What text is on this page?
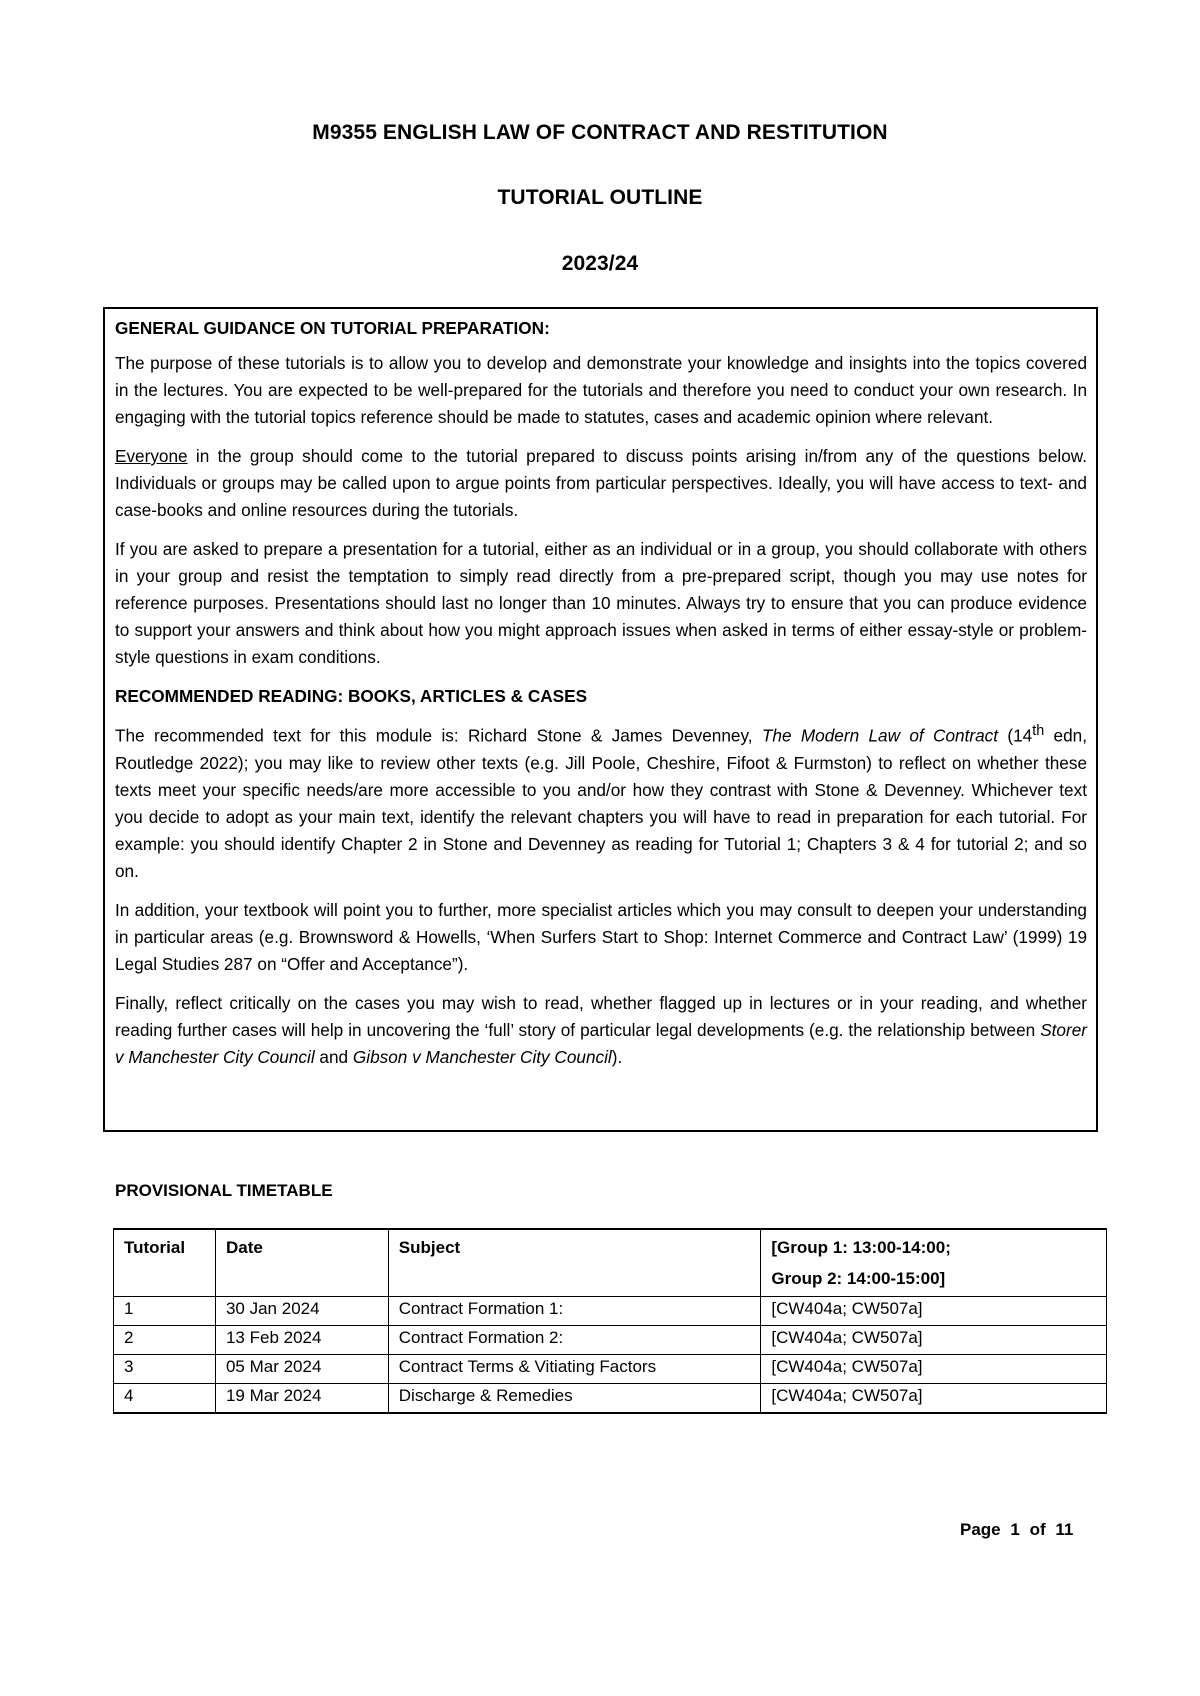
M9355 ENGLISH LAW OF CONTRACT AND RESTITUTION
TUTORIAL OUTLINE
2023/24

GENERAL GUIDANCE ON TUTORIAL PREPARATION:

The purpose of these tutorials is to allow you to develop and demonstrate your knowledge and insights into the topics covered in the lectures. You are expected to be well-prepared for the tutorials and therefore you need to conduct your own research. In engaging with the tutorial topics reference should be made to statutes, cases and academic opinion where relevant.

Everyone in the group should come to the tutorial prepared to discuss points arising in/from any of the questions below. Individuals or groups may be called upon to argue points from particular perspectives. Ideally, you will have access to text- and case-books and online resources during the tutorials.

If you are asked to prepare a presentation for a tutorial, either as an individual or in a group, you should collaborate with others in your group and resist the temptation to simply read directly from a pre-prepared script, though you may use notes for reference purposes. Presentations should last no longer than 10 minutes. Always try to ensure that you can produce evidence to support your answers and think about how you might approach issues when asked in terms of either essay-style or problem-style questions in exam conditions.

RECOMMENDED READING: BOOKS, ARTICLES & CASES

The recommended text for this module is: Richard Stone & James Devenney, The Modern Law of Contract (14th edn, Routledge 2022); you may like to review other texts (e.g. Jill Poole, Cheshire, Fifoot & Furmston) to reflect on whether these texts meet your specific needs/are more accessible to you and/or how they contrast with Stone & Devenney. Whichever text you decide to adopt as your main text, identify the relevant chapters you will have to read in preparation for each tutorial. For example: you should identify Chapter 2 in Stone and Devenney as reading for Tutorial 1; Chapters 3 & 4 for tutorial 2; and so on.

In addition, your textbook will point you to further, more specialist articles which you may consult to deepen your understanding in particular areas (e.g. Brownsword & Howells, ‘When Surfers Start to Shop: Internet Commerce and Contract Law’ (1999) 19 Legal Studies 287 on “Offer and Acceptance”).

Finally, reflect critically on the cases you may wish to read, whether flagged up in lectures or in your reading, and whether reading further cases will help in uncovering the ‘full’ story of particular legal developments (e.g. the relationship between Storer v Manchester City Council and Gibson v Manchester City Council).

PROVISIONAL TIMETABLE
Tutorial	Date	Subject	[Group 1: 13:00-14:00;
Group 2: 14:00-15:00]

1	30 Jan 2024	Contract Formation 1:	[CW404a; CW507a]
2	13 Feb 2024	Contract Formation 2:	[CW404a; CW507a]
3	05 Mar 2024	Contract Terms & Vitiating Factors	[CW404a; CW507a]
4	19 Mar 2024	Discharge & Remedies	[CW404a; CW507a]
Page 1 of 11
